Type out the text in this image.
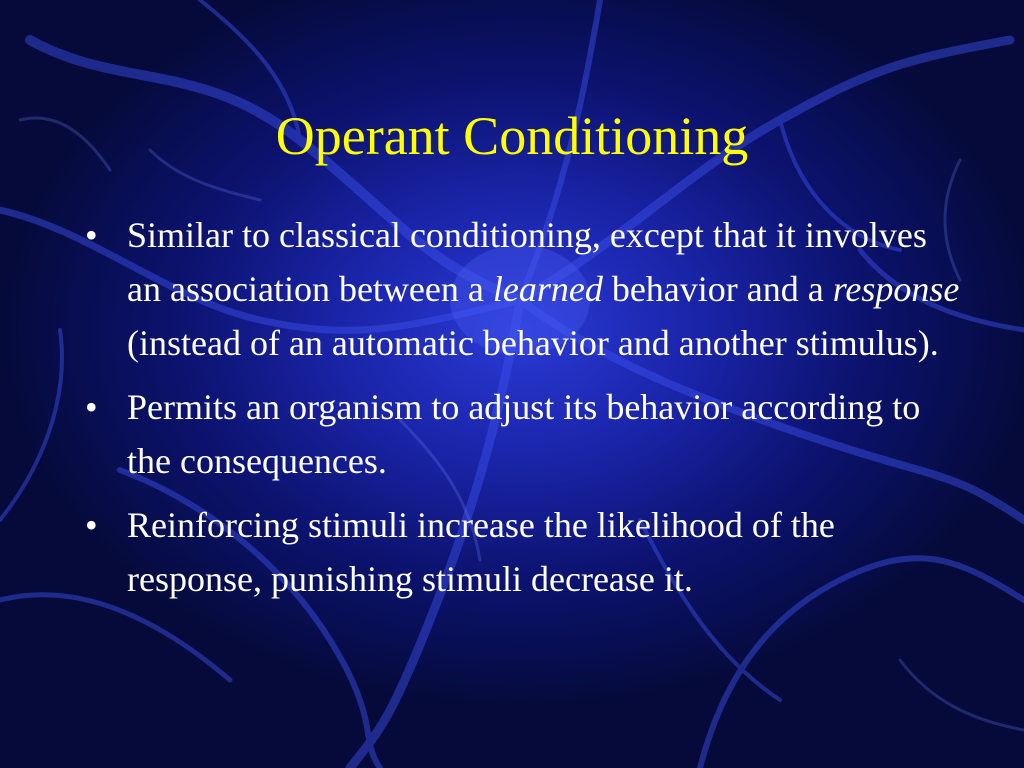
Operant Conditioning
• Similar to classical conditioning, except that it involves an association between a learned behavior and a response (instead of an automatic behavior and another stimulus).
• Permits an organism to adjust its behavior according to the consequences.
• Reinforcing stimuli increase the likelihood of the response, punishing stimuli decrease it.
